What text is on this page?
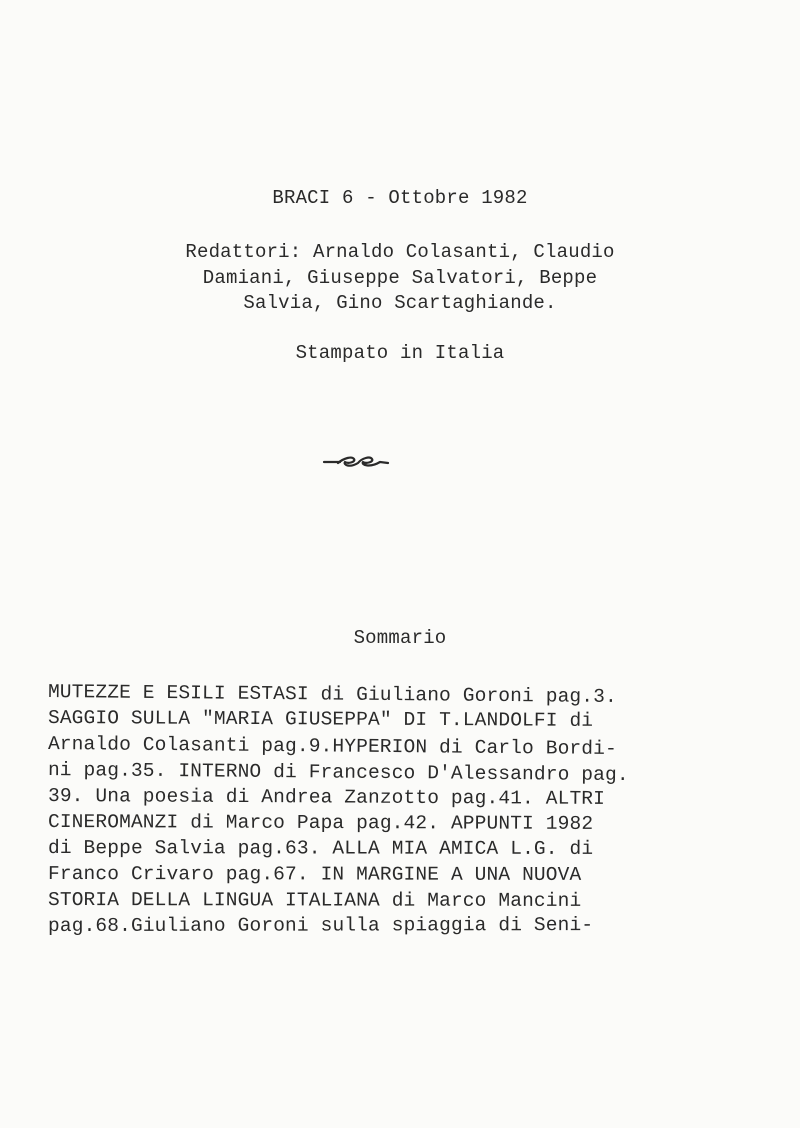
BRACI 6 - Ottobre 1982
Redattori: Arnaldo Colasanti, Claudio
Damiani, Giuseppe Salvatori, Beppe
Salvia, Gino Scartaghiande.
Stampato in Italia
Sommario
MUTEZZE E ESILI ESTASI di Giuliano Goroni pag.3.
SAGGIO SULLA "MARIA GIUSEPPA" DI T.LANDOLFI di
Arnaldo Colasanti pag.9.HYPERION di Carlo Bordi-
ni pag.35. INTERNO di Francesco D'Alessandro pag.
39. Una poesia di Andrea Zanzotto pag.41. ALTRI
CINEROMANZI di Marco Papa pag.42. APPUNTI 1982
di Beppe Salvia pag.63. ALLA MIA AMICA L.G. di
Franco Crivaro pag.67. IN MARGINE A UNA NUOVA
STORIA DELLA LINGUA ITALIANA di Marco Mancini
pag.68.Giuliano Goroni sulla spiaggia di Seni-
